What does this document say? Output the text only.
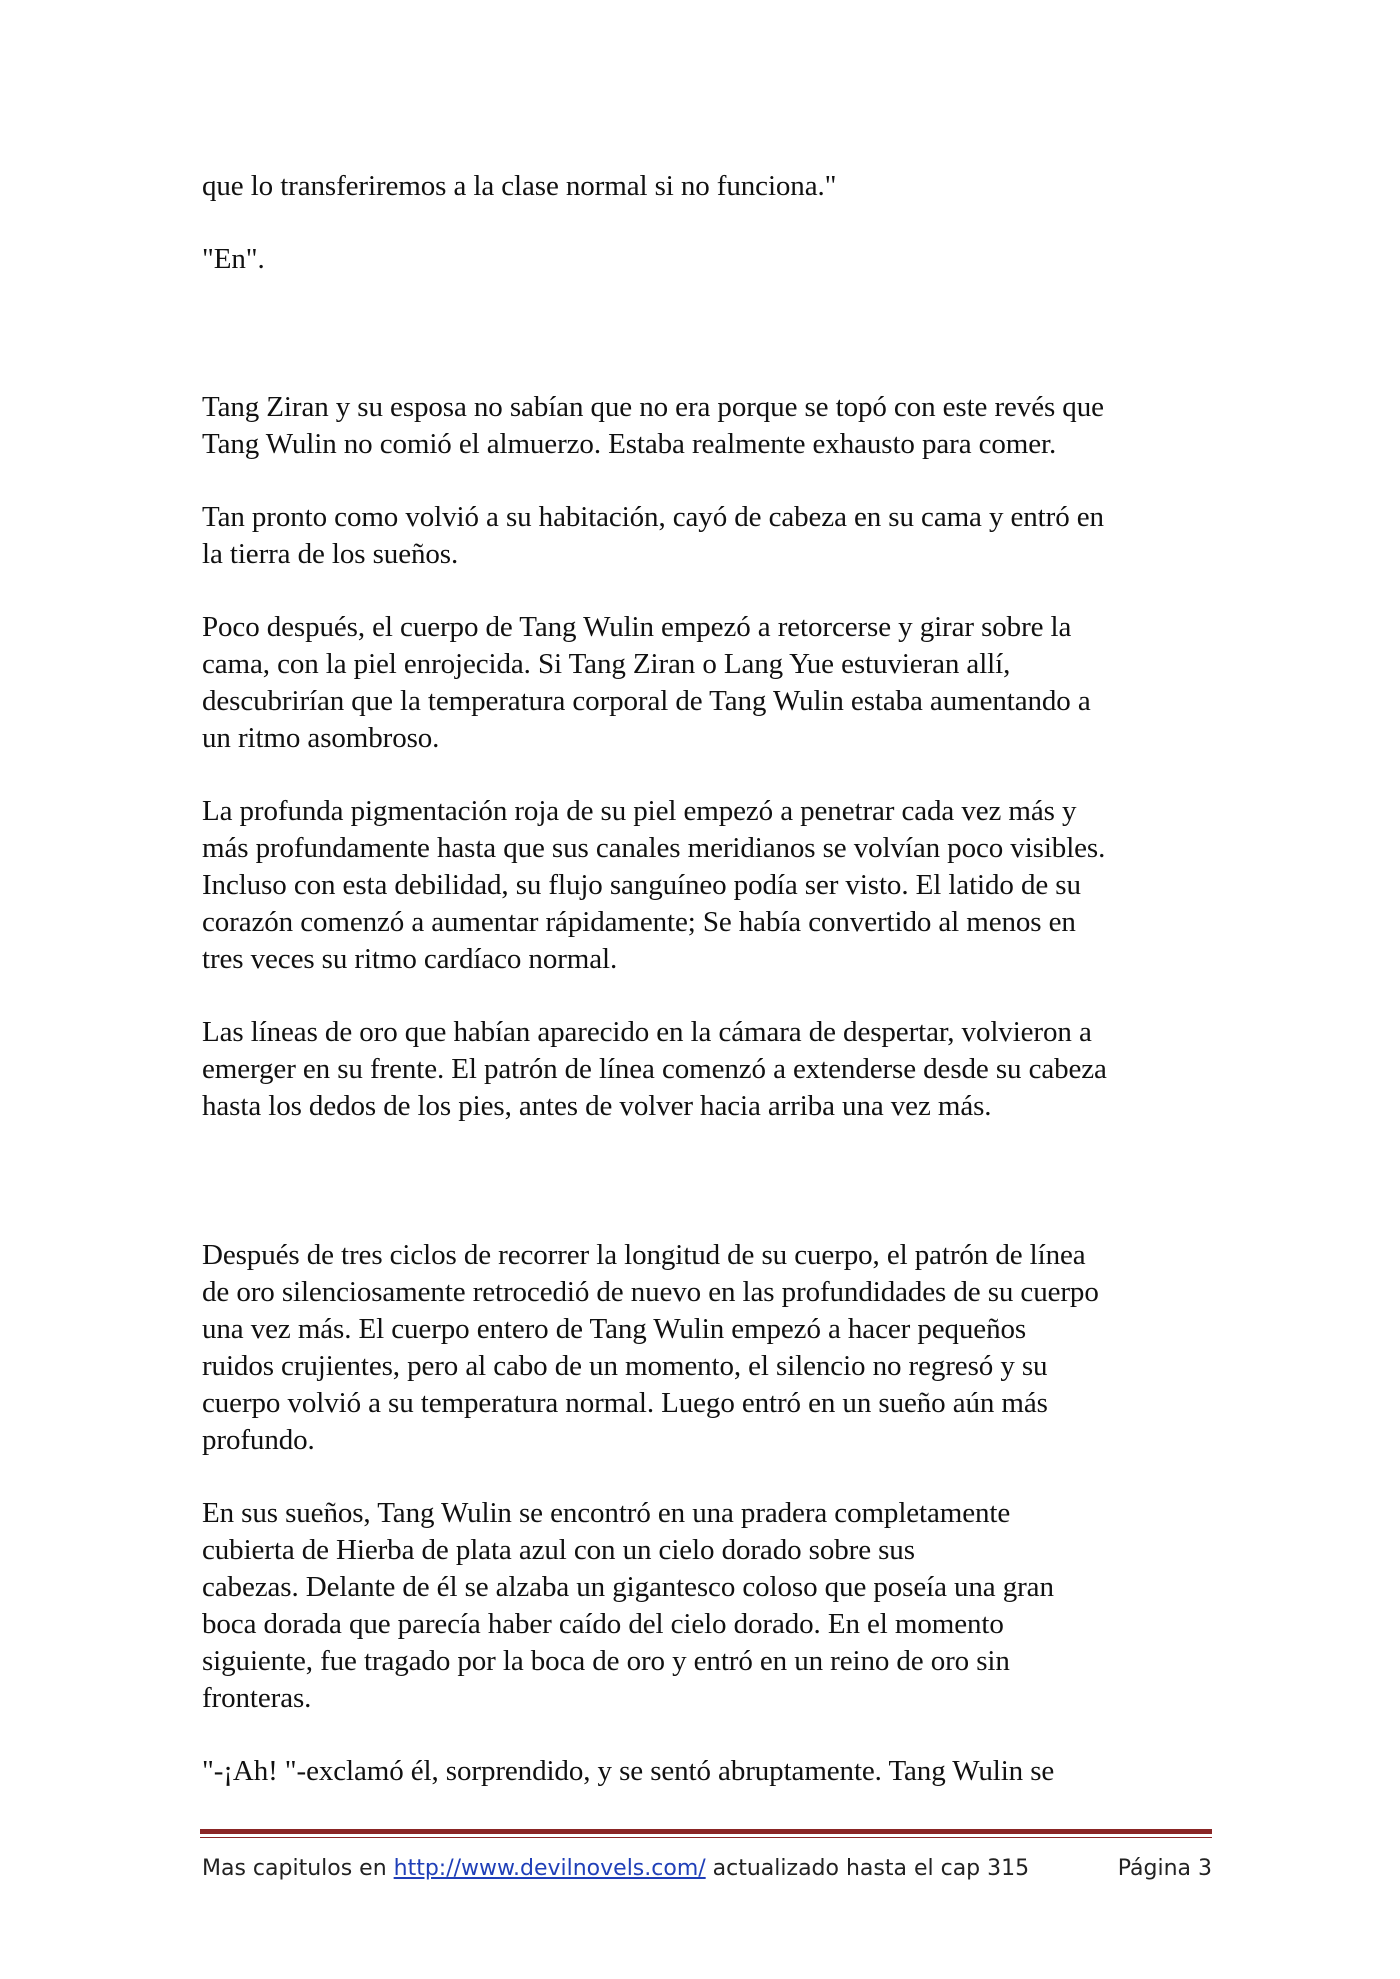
que lo transferiremos a la clase normal si no funciona."

"En".

Tang Ziran y su esposa no sabían que no era porque se topó con este revés que
Tang Wulin no comió el almuerzo. Estaba realmente exhausto para comer.

Tan pronto como volvió a su habitación, cayó de cabeza en su cama y entró en
la tierra de los sueños.

Poco después, el cuerpo de Tang Wulin empezó a retorcerse y girar sobre la
cama, con la piel enrojecida. Si Tang Ziran o Lang Yue estuvieran allí,
descubrirían que la temperatura corporal de Tang Wulin estaba aumentando a
un ritmo asombroso.

La profunda pigmentación roja de su piel empezó a penetrar cada vez más y
más profundamente hasta que sus canales meridianos se volvían poco visibles.
Incluso con esta debilidad, su flujo sanguíneo podía ser visto. El latido de su
corazón comenzó a aumentar rápidamente; Se había convertido al menos en
tres veces su ritmo cardíaco normal.

Las líneas de oro que habían aparecido en la cámara de despertar, volvieron a
emerger en su frente. El patrón de línea comenzó a extenderse desde su cabeza
hasta los dedos de los pies, antes de volver hacia arriba una vez más.

Después de tres ciclos de recorrer la longitud de su cuerpo, el patrón de línea
de oro silenciosamente retrocedió de nuevo en las profundidades de su cuerpo
una vez más. El cuerpo entero de Tang Wulin empezó a hacer pequeños
ruidos crujientes, pero al cabo de un momento, el silencio no regresó y su
cuerpo volvió a su temperatura normal. Luego entró en un sueño aún más
profundo.

En sus sueños, Tang Wulin se encontró en una pradera completamente
cubierta de Hierba de plata azul con un cielo dorado sobre sus
cabezas. Delante de él se alzaba un gigantesco coloso que poseía una gran
boca dorada que parecía haber caído del cielo dorado. En el momento
siguiente, fue tragado por la boca de oro y entró en un reino de oro sin
fronteras.

"-¡Ah! "-exclamó él, sorprendido, y se sentó abruptamente. Tang Wulin se

Mas capitulos en http://www.devilnovels.com/ actualizado hasta el cap 315	Página 3
